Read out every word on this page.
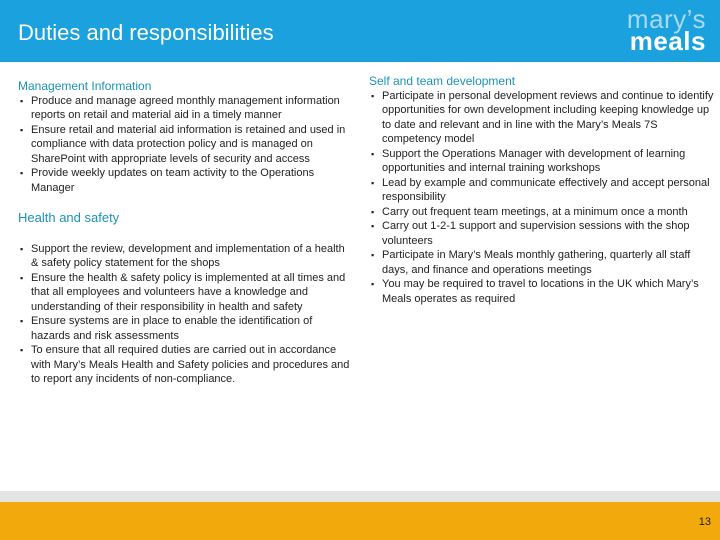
Duties and responsibilities	mary’s
meals
Management Information
▪ Produce and manage agreed monthly management information reports on retail and material aid in a timely manner
▪ Ensure retail and material aid information is retained and used in compliance with data protection policy and is managed on SharePoint with appropriate levels of security and access
▪ Provide weekly updates on team activity to the Operations Manager
Health and safety
▪ Support the review, development and implementation of a health & safety policy statement for the shops
▪ Ensure the health & safety policy is implemented at all times and that all employees and volunteers have a knowledge and understanding of their responsibility in health and safety
▪ Ensure systems are in place to enable the identification of hazards and risk assessments
▪ To ensure that all required duties are carried out in accordance with Mary’s Meals Health and Safety policies and procedures and to report any incidents of non-compliance.
Self and team development
▪ Participate in personal development reviews and continue to identify opportunities for own development including keeping knowledge up to date and relevant and in line with the Mary’s Meals 7S competency model
▪ Support the Operations Manager with development of learning opportunities and internal training workshops
▪ Lead by example and communicate effectively and accept personal responsibility
▪ Carry out frequent team meetings, at a minimum once a month
▪ Carry out 1-2-1 support and supervision sessions with the shop volunteers
▪ Participate in Mary’s Meals monthly gathering, quarterly all staff days, and finance and operations meetings
▪ You may be required to travel to locations in the UK which Mary’s Meals operates as required
13
